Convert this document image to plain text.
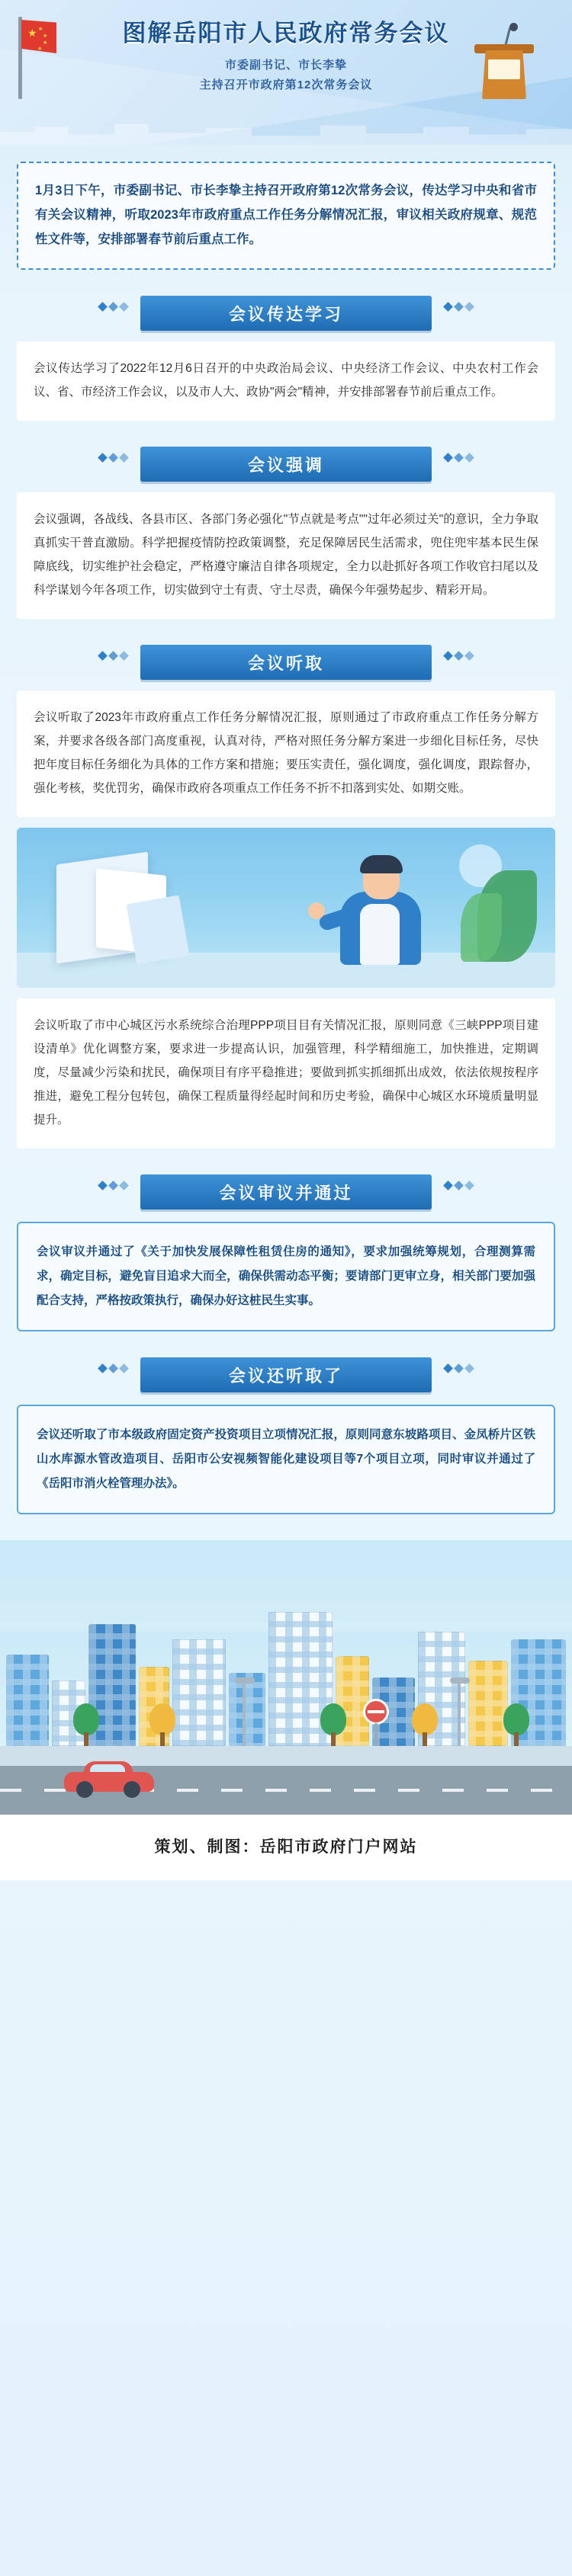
★ ★
★
★
★
图解岳阳市人民政府常务会议
市委副书记、市长李挚
主持召开市政府第12次常务会议

1月3日下午，市委副书记、市长李挚主持召开政府第12次常务会议，传达学习中央和省市有关会议精神，听取2023年市政府重点工作任务分解情况汇报，审议相关政府规章、规范性文件等，安排部署春节前后重点工作。

会议传达学习

会议传达学习了2022年12月6日召开的中央政治局会议、中央经济工作会议、中央农村工作会议、省、市经济工作会议，以及市人大、政协"两会"精神，并安排部署春节前后重点工作。

会议强调

会议强调，各战线、各县市区、各部门务必强化"节点就是考点""过年必须过关"的意识，全力争取真抓实干普直激励。科学把握疫情防控政策调整，充足保障居民生活需求，兜住兜牢基本民生保障底线，切实维护社会稳定，严格遵守廉洁自律各项规定，全力以赴抓好各项工作收官扫尾以及科学谋划今年各项工作，切实做到守土有责、守土尽责，确保今年强势起步、精彩开局。

会议听取

会议听取了2023年市政府重点工作任务分解情况汇报，原则通过了市政府重点工作任务分解方案，并要求各级各部门高度重视，认真对待，严格对照任务分解方案进一步细化目标任务，尽快把年度目标任务细化为具体的工作方案和措施；要压实责任，强化调度，强化调度，跟踪督办，强化考核，奖优罚劣，确保市政府各项重点工作任务不折不扣落到实处、如期交账。

会议听取了市中心城区污水系统综合治理PPP项目目有关情况汇报，原则同意《三峡PPP项目建设清单》优化调整方案，要求进一步提高认识，加强管理，科学精细施工，加快推进，定期调度，尽量减少污染和扰民，确保项目有序平稳推进；要做到抓实抓细抓出成效，依法依规按程序推进，避免工程分包转包，确保工程质量得经起时间和历史考验，确保中心城区水环境质量明显提升。

会议审议并通过

会议审议并通过了《关于加快发展保障性租赁住房的通知》，要求加强统筹规划，合理测算需求，确定目标，避免盲目追求大而全，确保供需动态平衡；要请部门更审立身，相关部门要加强配合支持，严格按政策执行，确保办好这桩民生实事。

会议还听取了

会议还听取了市本级政府固定资产投资项目立项情况汇报，原则同意东坡路项目、金凤桥片区铁山水库源水管改造项目、岳阳市公安视频智能化建设项目等7个项目立项，同时审议并通过了《岳阳市消火栓管理办法》。

策划、制图：岳阳市政府门户网站
